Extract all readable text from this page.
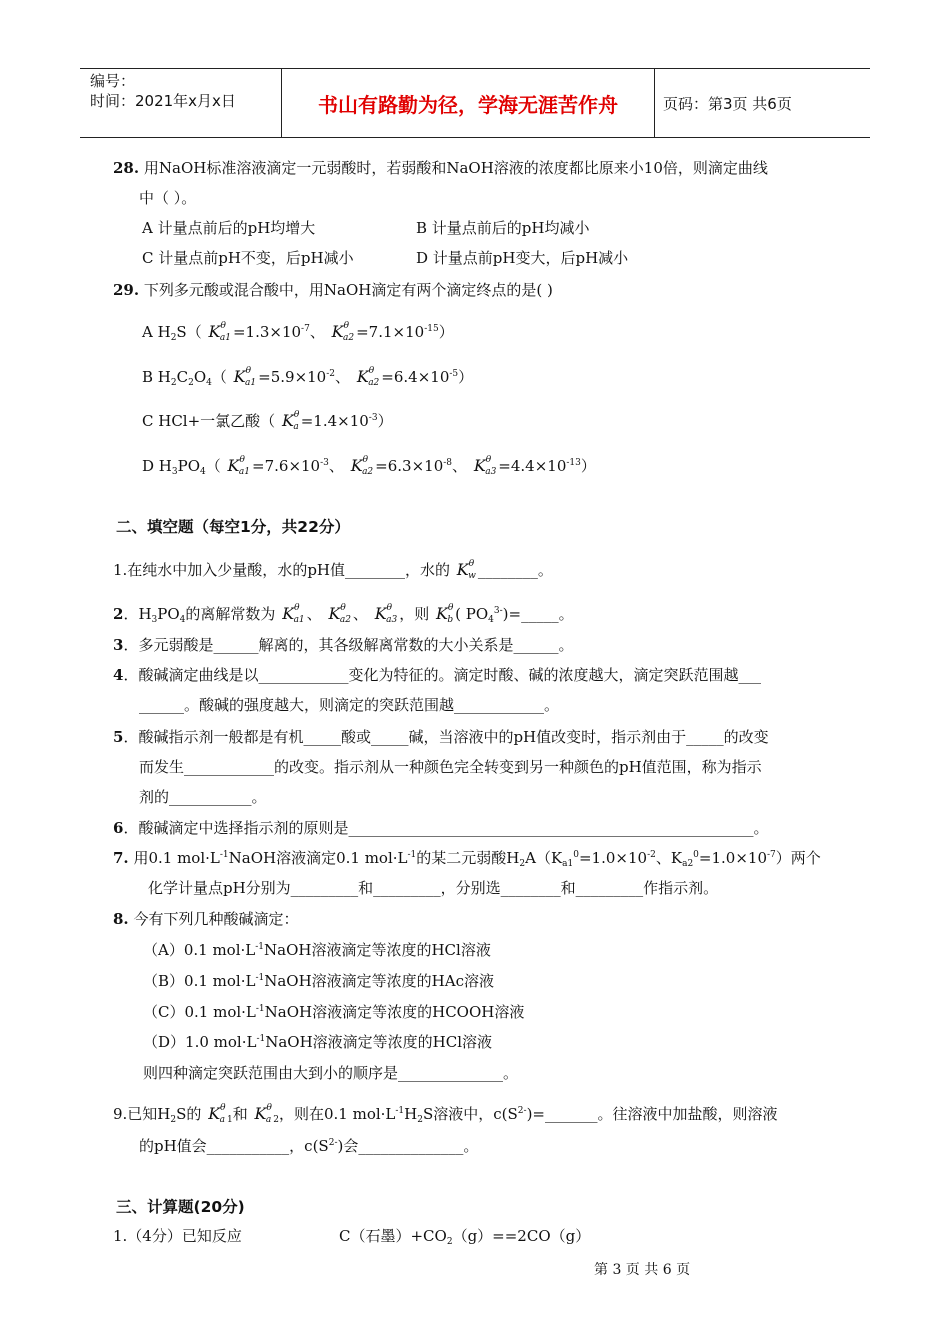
编号：
时间：2021年x月x日	书山有路勤为径，学海无涯苦作舟	页码：第3页 共6页
28. 用NaOH标准溶液滴定一元弱酸时，若弱酸和NaOH溶液的浓度都比原来小10倍，则滴定曲线
中（ ）。
A 计量点前后的pH均增大	B 计量点前后的pH均减小
C 计量点前pH不变，后pH减小	D 计量点前pH变大，后pH减小
29. 下列多元酸或混合酸中，用NaOH滴定有两个滴定终点的是( )
A $H_2S$（ $K^\theta a1 =1.3\times 10^{-7}$、 $K^\theta a2 =7.1\times 10^{-15}$）
B $H_2C_2O_4$（ $K^\theta a1 =5.9\times 10^{-2}$、 $K^\theta a2 =6.4\times 10^{-5}$）
C HCl+一氯乙酸（ $K^\theta a =1.4\times 10^{-3}$）
D $H_3PO_4$（ $K^\theta a1 =7.6\times 10^{-3}$、 $K^\theta a2 =6.3\times 10^{-8}$、 $K^\theta a3 =4.4\times 10^{-13}$）
二、填空题（每空1分，共22分）
1.在纯水中加入少量酸，水的pH值________，水的 $K^\theta w$ ________。
2．$H_3PO_4$的离解常数为 $K^\theta a1$ 、 $K^\theta a2$ 、 $K^\theta a3$ ，则 $K^\theta b$ ( $PO_4^{3-})=\_\_\_\_\_$。
3．多元弱酸是______解离的，其各级解离常数的大小关系是______。
4．酸碱滴定曲线是以____________变化为特征的。滴定时酸、碱的浓度越大，滴定突跃范围越___
______。酸碱的强度越大，则滴定的突跃范围越____________。
5．酸碱指示剂一般都是有机_____酸或_____碱，当溶液中的pH值改变时，指示剂由于_____的改变
而发生____________的改变。指示剂从一种颜色完全转变到另一种颜色的pH值范围，称为指示
剂的___________。
6．酸碱滴定中选择指示剂的原则是______________________________________________________。
7. 用0.1 $mol\cdot L^{-1}NaOH$溶液滴定0.1 $mol\cdot L^{-1}$的某二元弱酸$H_2A(K_{a1}^0=1.0\times 10^{-2}$、$K_{a2}^0=1.0\times 10^{-7}$）两个
化学计量点pH分别为_________和_________，分别选________和_________作指示剂。
8. 今有下列几种酸碱滴定：
（A）0.1 $mol\cdot L^{-1}NaOH$溶液滴定等浓度的HCl溶液
（B）0.1 $mol\cdot L^{-1}NaOH$溶液滴定等浓度的HAc溶液
（C）0.1 $mol\cdot L^{-1}NaOH$溶液滴定等浓度的HCOOH溶液
（D）1.0 $mol\cdot L^{-1}NaOH$溶液滴定等浓度的HCl溶液
则四种滴定突跃范围由大到小的顺序是______________。
9.已知$H_2S$的 $K^\theta a$ $_1$和 $K^\theta a$ $_2$，则在0.1 $mol\cdot L^{-1}H_2S$溶液中，$c(S^{2-})=\_\_\_\_\_\_\_$。往溶液中加盐酸，则溶液
的pH值会___________，$c(S^{2-})$会______________。
三、计算题(20分)
1.（4分）已知反应	C（石墨）$+CO_2(g)==2CO(g)$
第 3 页 共 6 页
